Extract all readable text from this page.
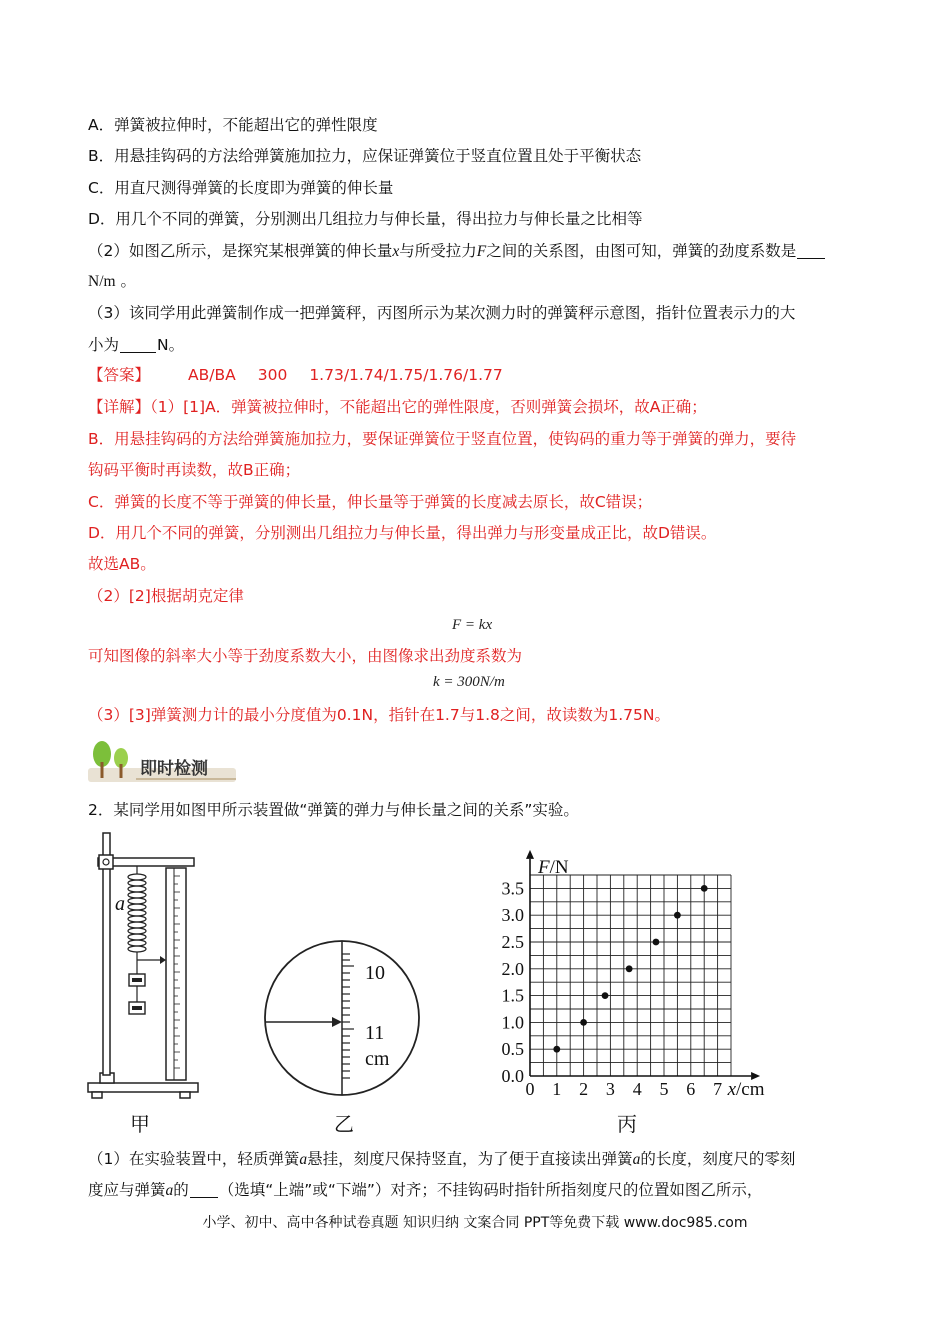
A．弹簧被拉伸时，不能超出它的弹性限度
B．用悬挂钩码的方法给弹簧施加拉力，应保证弹簧位于竖直位置且处于平衡状态
C．用直尺测得弹簧的长度即为弹簧的伸长量
D．用几个不同的弹簧，分别测出几组拉力与伸长量，得出拉力与伸长量之比相等
（2）如图乙所示，是探究某根弹簧的伸长量x与所受拉力F之间的关系图，由图可知，弹簧的劲度系数是
N/m 。
（3）该同学用此弹簧制作成一把弹簧秤，丙图所示为某次测力时的弹簧秤示意图，指针位置表示力的大
小为 N。
【答案】 AB/BA 300 1.73/1.74/1.75/1.76/1.77
【详解】（1）[1]A．弹簧被拉伸时，不能超出它的弹性限度，否则弹簧会损坏，故A正确；
B．用悬挂钩码的方法给弹簧施加拉力，要保证弹簧位于竖直位置，使钩码的重力等于弹簧的弹力，要待
钩码平衡时再读数，故B正确；
C．弹簧的长度不等于弹簧的伸长量，伸长量等于弹簧的长度减去原长，故C错误；
D．用几个不同的弹簧，分别测出几组拉力与伸长量，得出弹力与形变量成正比，故D错误。
故选AB。
（2）[2]根据胡克定律
F = kx
可知图像的斜率大小等于劲度系数大小，由图像求出劲度系数为
k = 300N/m
（3）[3]弹簧测力计的最小分度值为0.1N，指针在1.7与1.8之间，故读数为1.75N。
即时检测
2．某同学用如图甲所示装置做“弹簧的弹力与伸长量之间的关系”实验。
a
10
11
cm
0 1 2 3 4 5 6 7
0.0
0.5
1.0
1.5
2.0
2.5
3.0
3.5
F/N
x/cm
甲	乙	丙
（1）在实验装置中，轻质弹簧a悬挂，刻度尺保持竖直，为了便于直接读出弹簧a的长度，刻度尺的零刻
度应与弹簧a的 （选填“上端”或“下端”）对齐；不挂钩码时指针所指刻度尺的位置如图乙所示，
小学、初中、高中各种试卷真题 知识归纳 文案合同 PPT等免费下载 www.doc985.com
